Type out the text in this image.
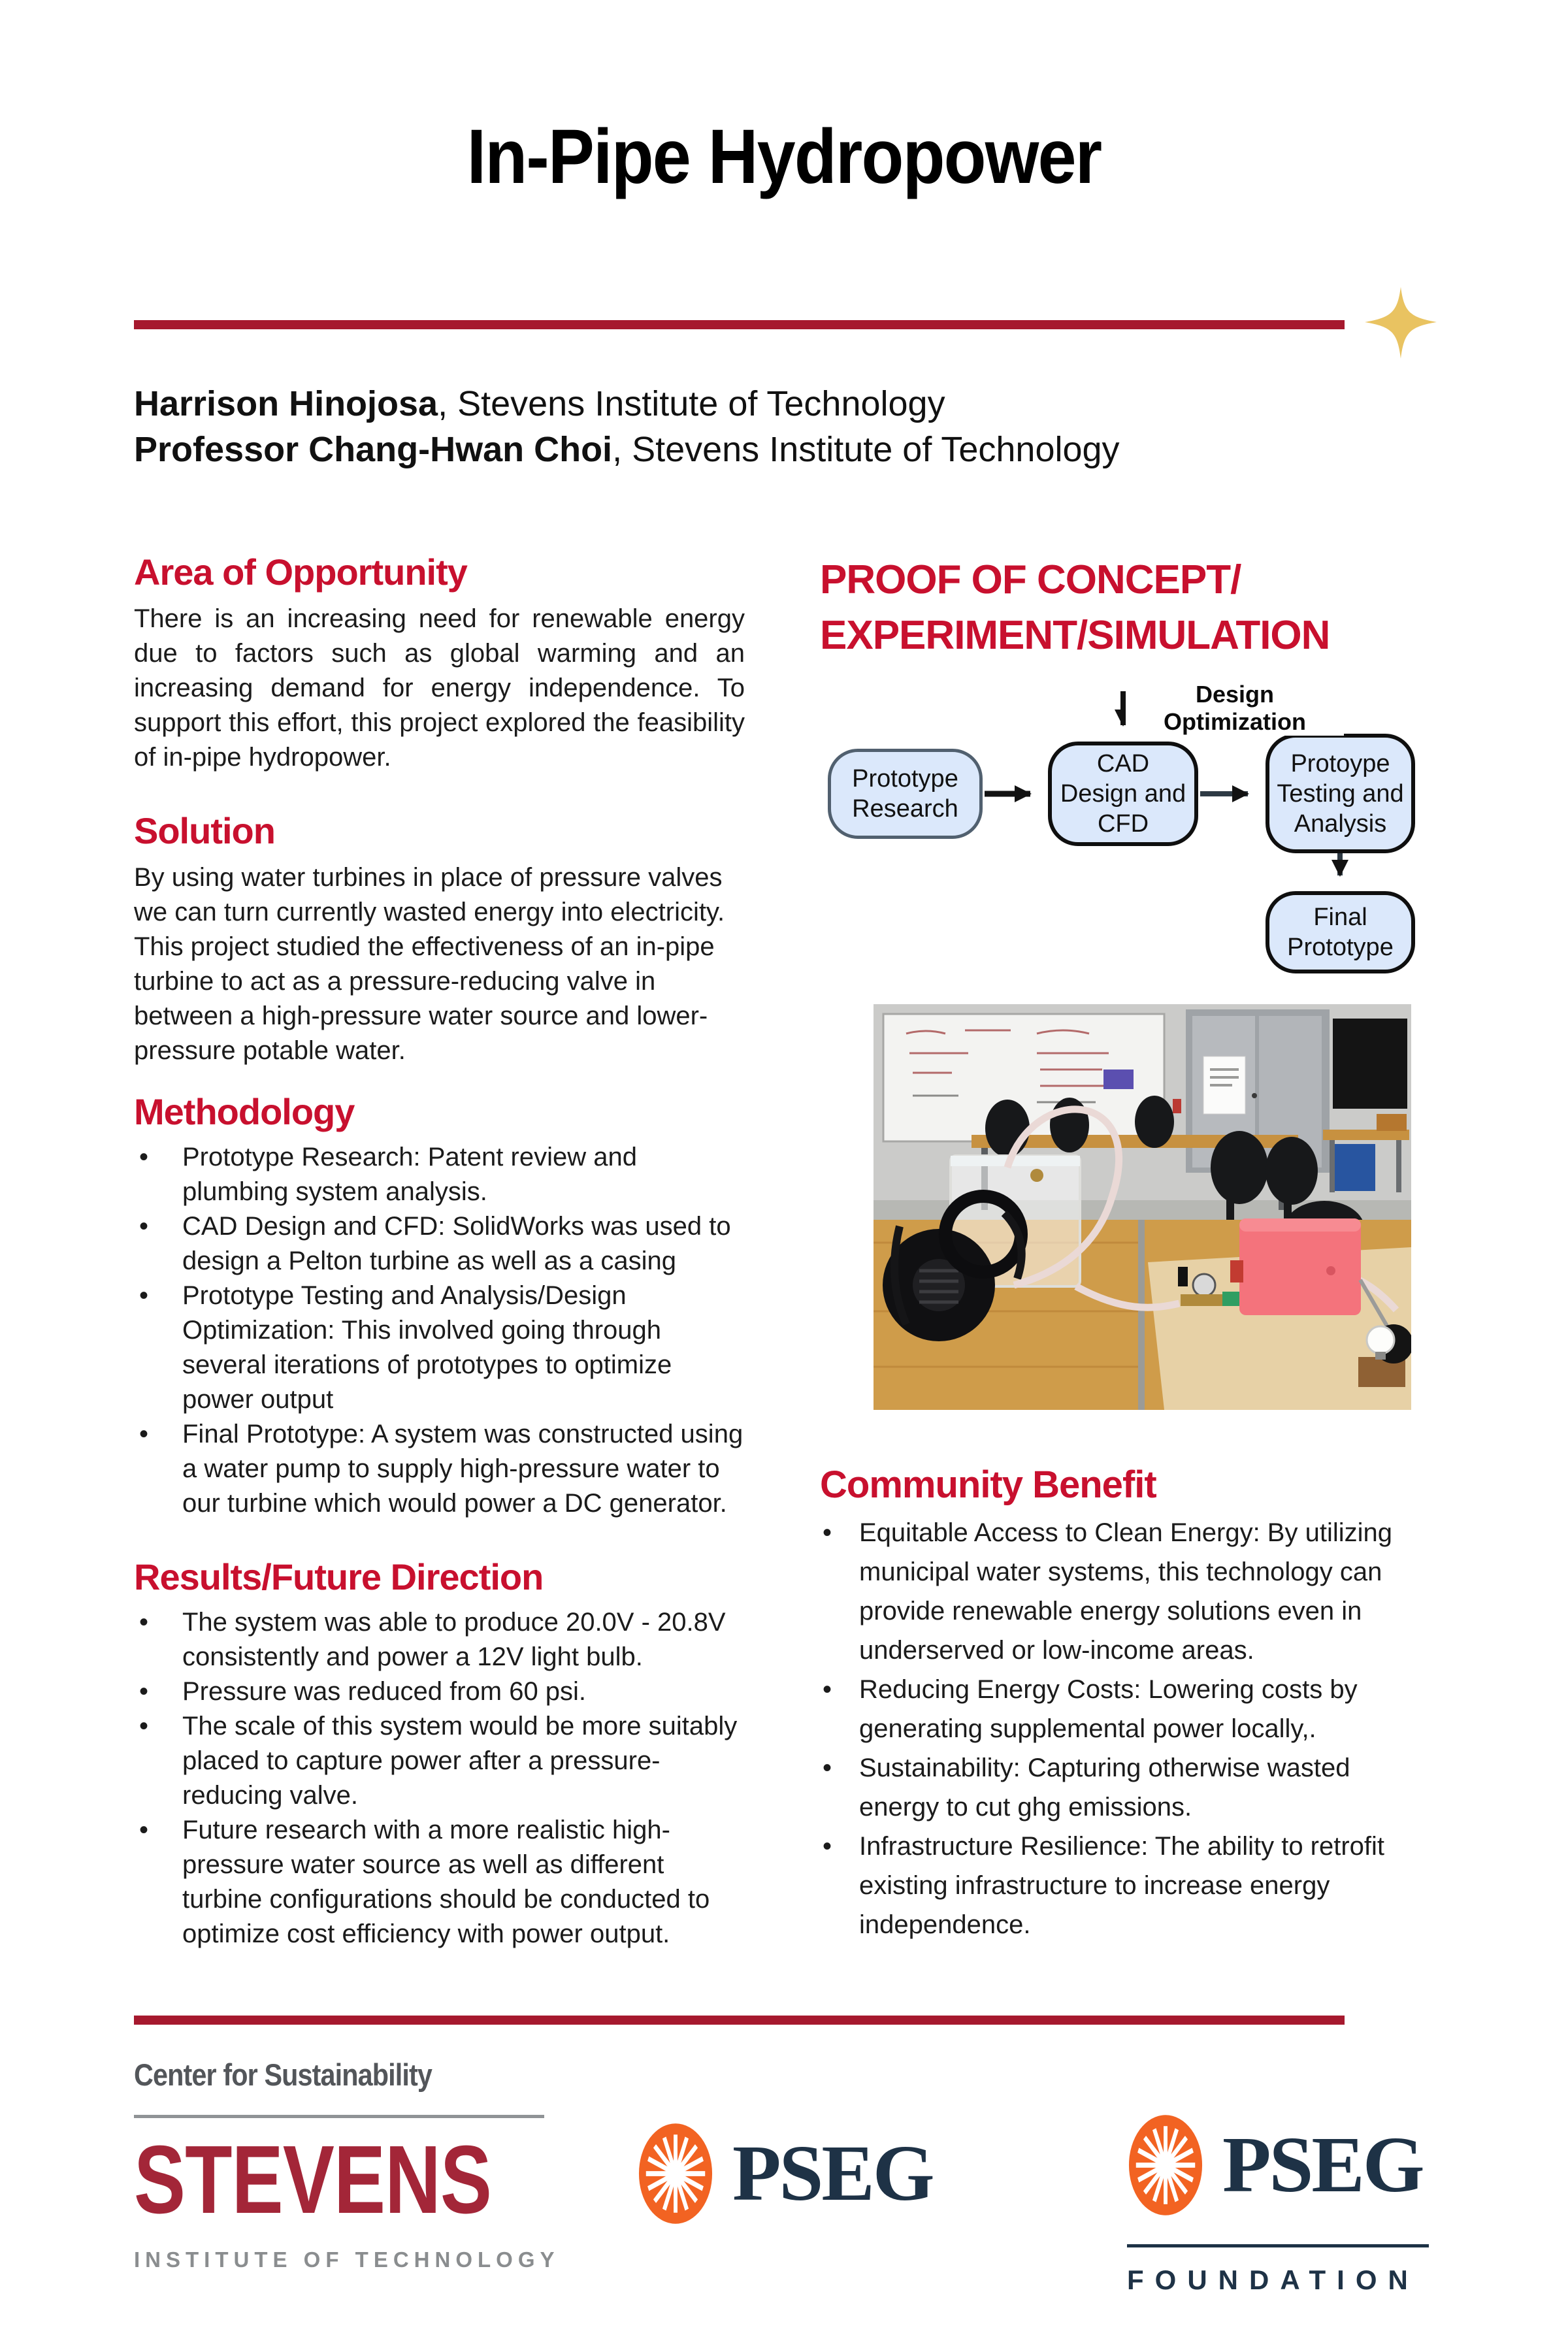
In-Pipe Hydropower
Harrison Hinojosa, Stevens Institute of Technology
Professor Chang-Hwan Choi, Stevens Institute of Technology
Area of Opportunity

There is an increasing need for renewable energy due to factors such as global warming and an increasing demand for energy independence. To support this effort, this project explored the feasibility of in-pipe hydropower.

Solution

By using water turbines in place of pressure valves we can turn currently wasted energy into electricity. This project studied the effectiveness of an in-pipe turbine to act as a pressure-reducing valve in between a high-pressure water source and lower-pressure potable water.

Methodology
•	Prototype Research: Patent review and plumbing system analysis.
•	CAD Design and CFD: SolidWorks was used to design a Pelton turbine as well as a casing
•	Prototype Testing and Analysis/Design Optimization: This involved going through several iterations of prototypes to optimize power output
•	Final Prototype: A system was constructed using a water pump to supply high-pressure water to our turbine which would power a DC generator.
Results/Future Direction
•	The system was able to produce 20.0V - 20.8V consistently and power a 12V light bulb.
•	Pressure was reduced from 60 psi.
•	The scale of this system would be more suitably placed to capture power after a pressure-reducing valve.
•	Future research with a more realistic high-pressure water source as well as different turbine configurations should be conducted to optimize cost efficiency with power output.
PROOF OF CONCEPT/
EXPERIMENT/SIMULATION
Prototype Research
CAD Design and CFD
Protoype Testing and Analysis
Final Prototype
Design Optimization
Community Benefit
•	Equitable Access to Clean Energy: By utilizing municipal water systems, this technology can provide renewable energy solutions even in underserved or low-income areas.
•	Reducing Energy Costs: Lowering costs by generating supplemental power locally,.
•	Sustainability: Capturing otherwise wasted energy to cut ghg emissions.
•	Infrastructure Resilience: The ability to retrofit existing infrastructure to increase energy independence.
Center for Sustainability
STEVENS
INSTITUTE OF TECHNOLOGY
PSEG	PSEG
FOUNDATION
